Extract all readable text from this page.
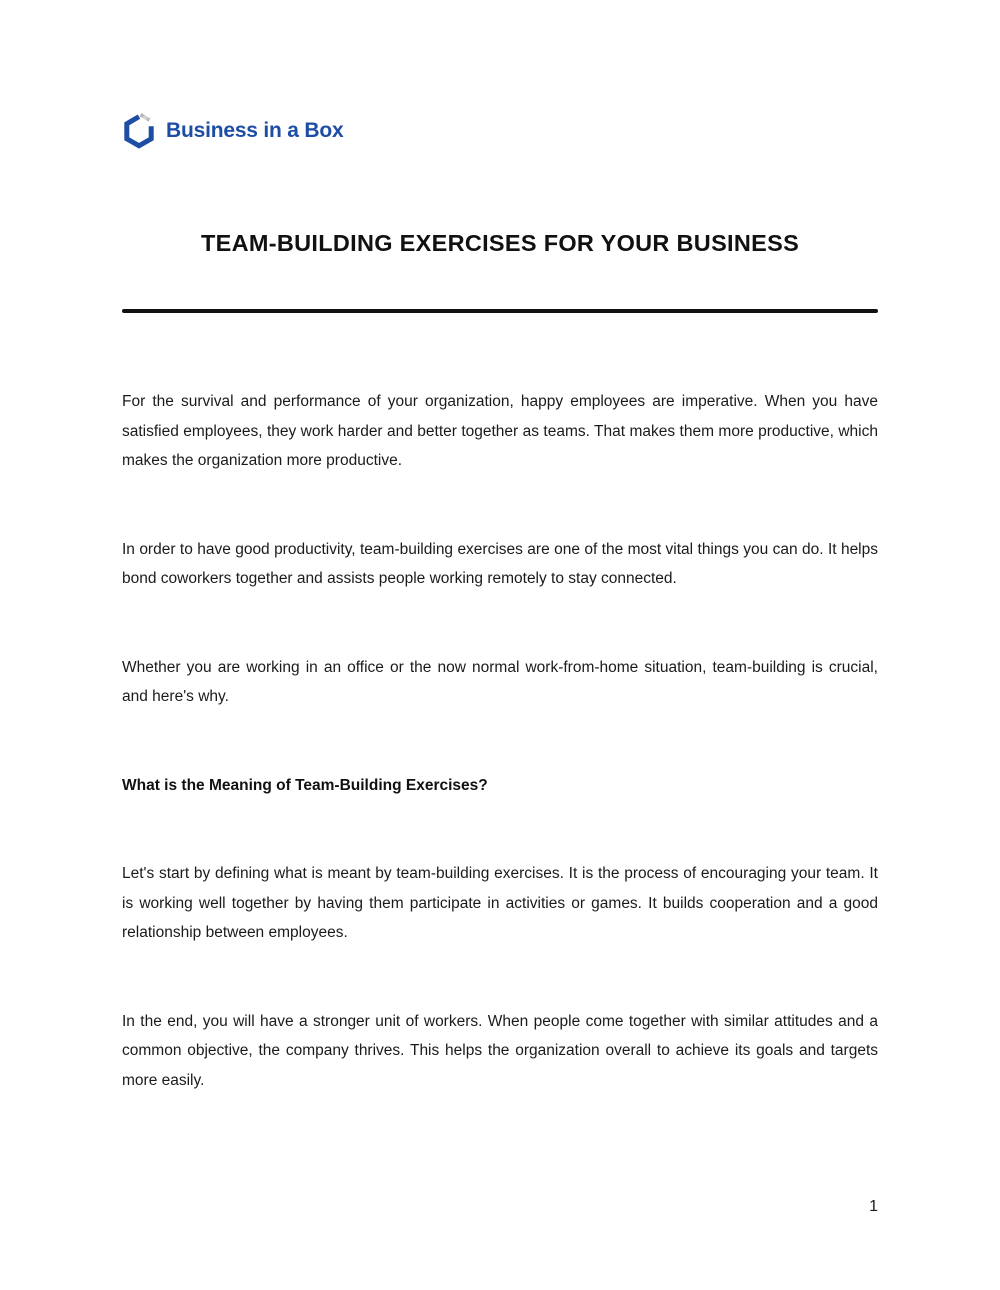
Business in a Box
TEAM-BUILDING EXERCISES FOR YOUR BUSINESS

For the survival and performance of your organization, happy employees are imperative. When you have satisfied employees, they work harder and better together as teams. That makes them more productive, which makes the organization more productive.

In order to have good productivity, team-building exercises are one of the most vital things you can do. It helps bond coworkers together and assists people working remotely to stay connected.

Whether you are working in an office or the now normal work-from-home situation, team-building is crucial, and here's why.

What is the Meaning of Team-Building Exercises?

Let's start by defining what is meant by team-building exercises. It is the process of encouraging your team. It is working well together by having them participate in activities or games. It builds cooperation and a good relationship between employees.

In the end, you will have a stronger unit of workers. When people come together with similar attitudes and a common objective, the company thrives. This helps the organization overall to achieve its goals and targets more easily.

1
